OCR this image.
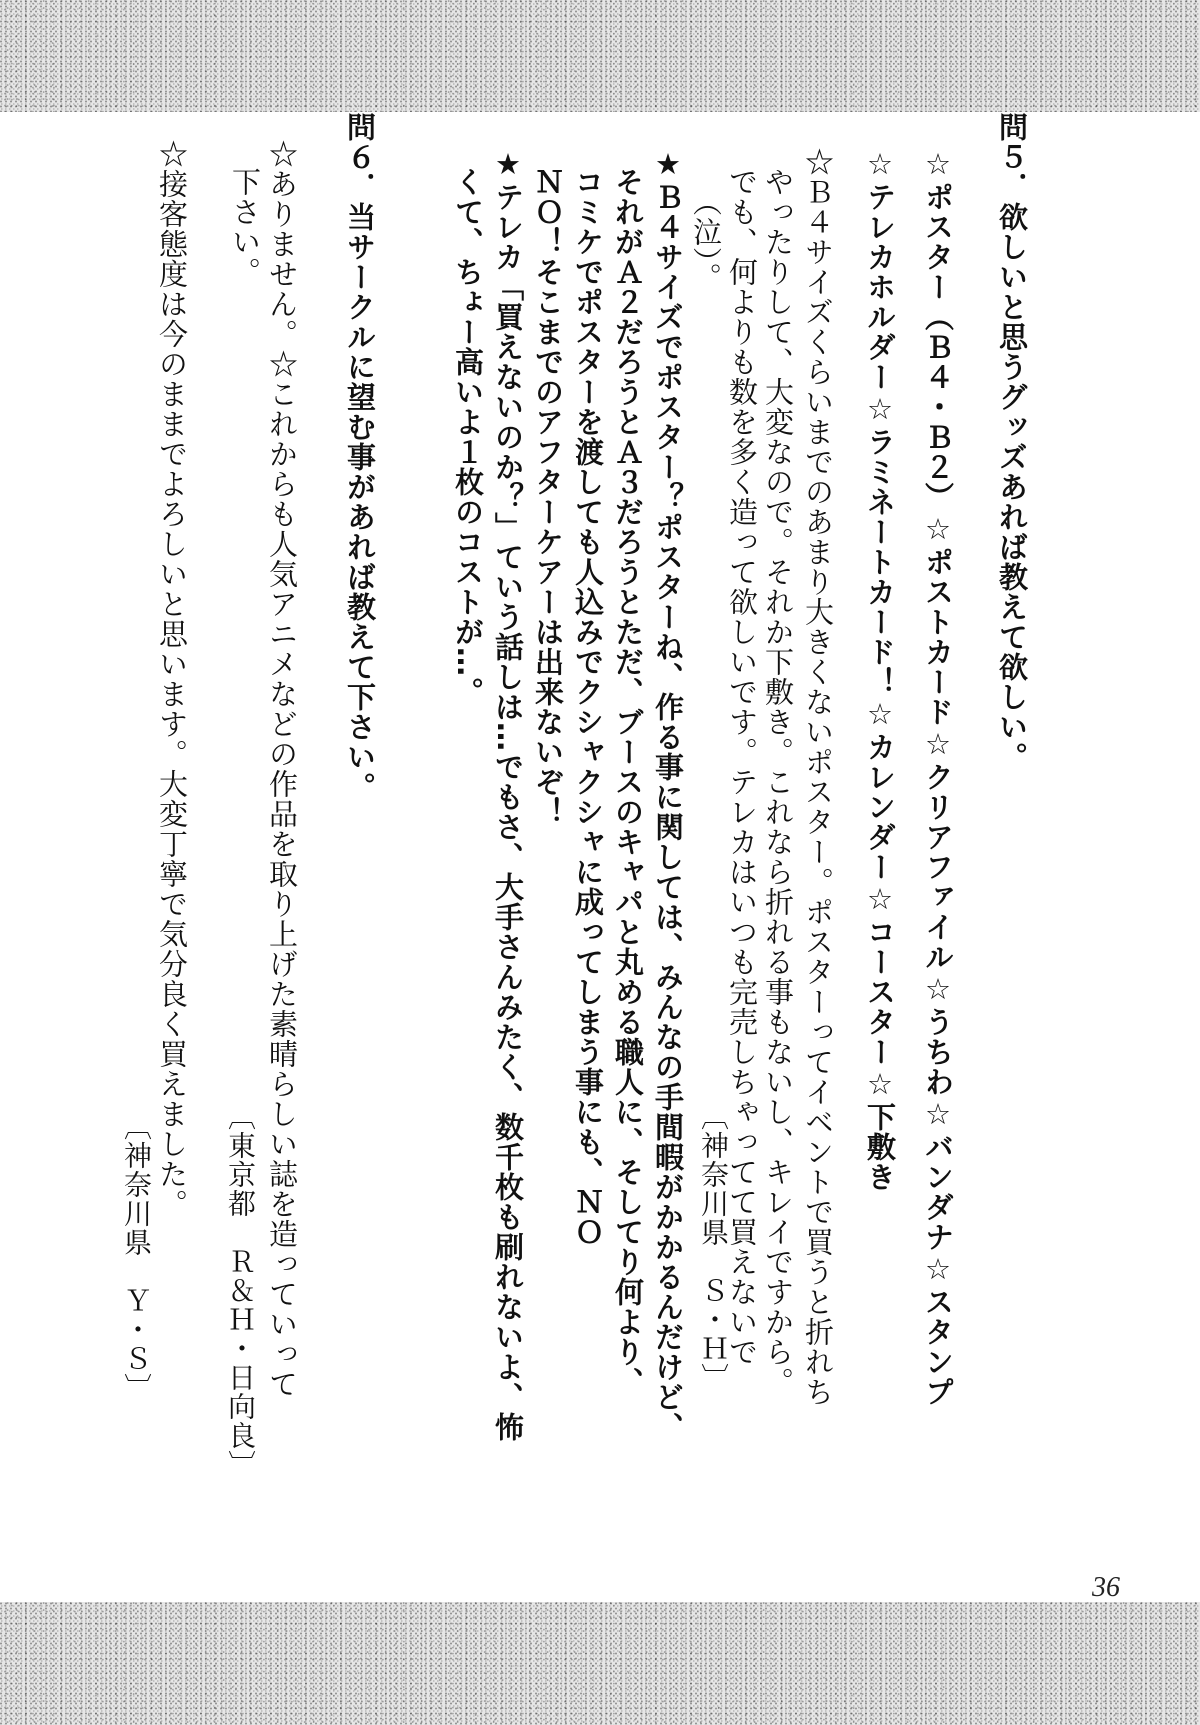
問５．欲しいと思うグッズあれば教えて欲しい。
☆ポスター（Ｂ４・Ｂ２）☆ポストカード☆クリアファイル☆うちわ☆バンダナ☆スタンプ
☆テレカホルダー☆ラミネートカード！☆カレンダー☆コースター☆下敷き
☆Ｂ４サイズくらいまでのあまり大きくないポスター。ポスターってイベントで買うと折れち
やったりして、大変なので。それか下敷き。これなら折れる事もないし、キレイですから。
でも、何よりも数を多く造って欲しいです。テレカはいつも完売しちゃってて買えないで
（泣）。
〔神奈川県　Ｓ・Ｈ〕
★Ｂ４サイズでポスター？ポスターね、作る事に関しては、みんなの手間暇がかかるんだけど、
それがＡ２だろうとＡ３だろうとただ、ブースのキャパと丸める職人に、そしてり何より、
コミケでポスターを渡しても人込みでクシャクシャに成ってしまう事にも、ＮＯ
ＮＯ！そこまでのアフターケアーは出来ないぞ！
★テレカ「買えないのか？」ていう話しは…でもさ、大手さんみたく、数千枚も刷れないよ、怖
くて、ちょー高いよ１枚のコストが…。
問６．当サークルに望む事があれば教えて下さい。
☆ありません。☆これからも人気アニメなどの作品を取り上げた素晴らしい誌を造っていって
下さい。
〔東京都　Ｒ＆Ｈ・日向良〕
☆接客態度は今のままでよろしいと思います。大変丁寧で気分良く買えました。
〔神奈川県　Ｙ・Ｓ〕
36
